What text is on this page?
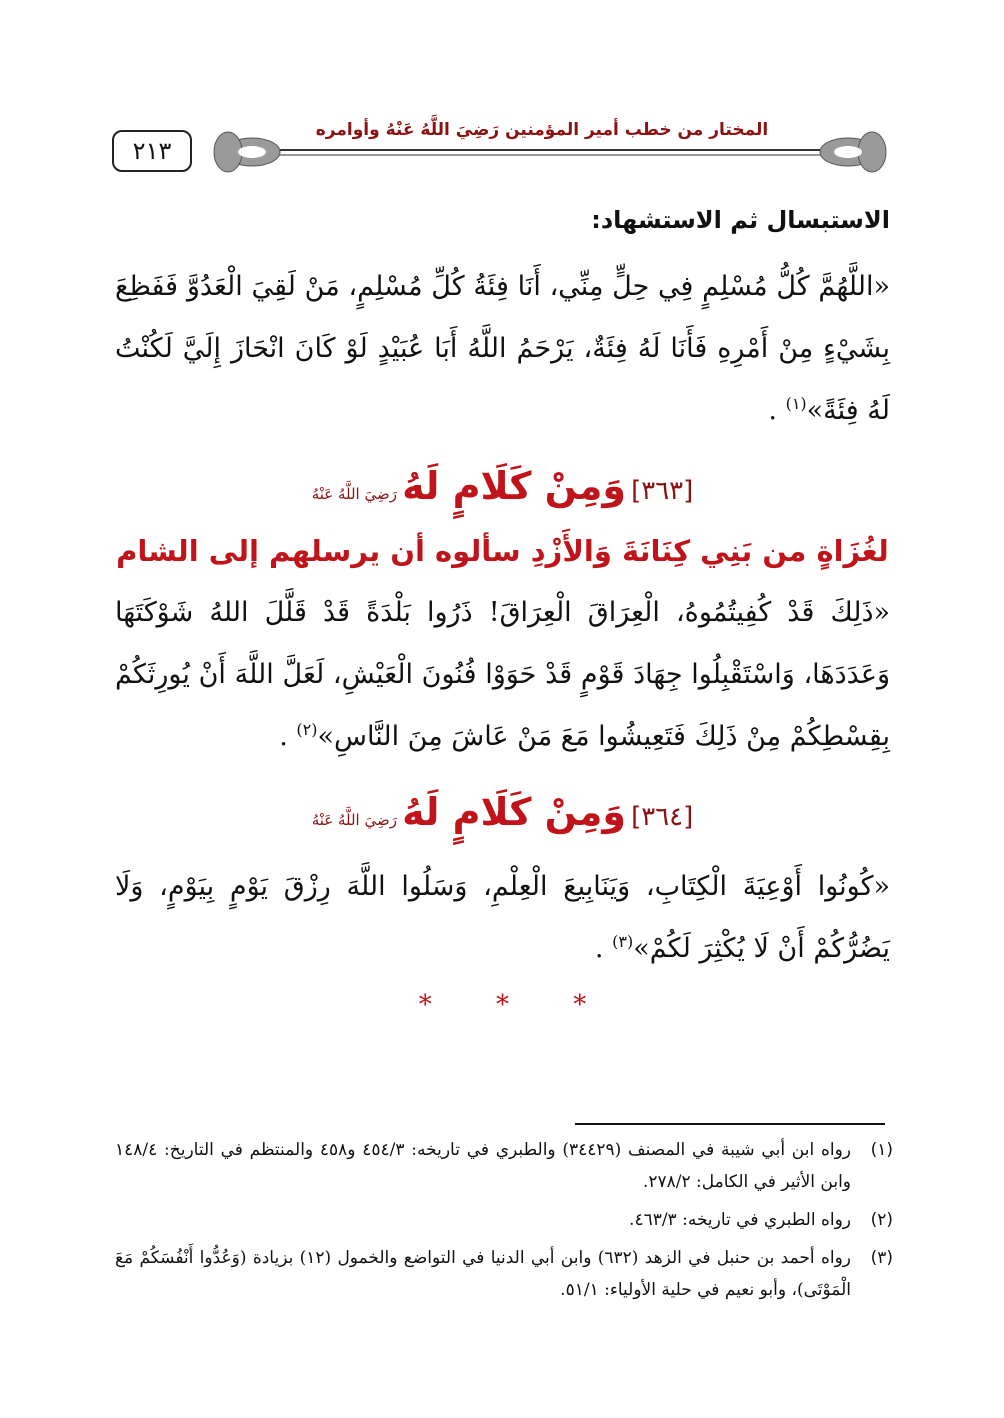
٢١٣
المختار من خطب أمير المؤمنين رَضِيَ اللَّهُ عَنْهُ وأوامره
الاستبسال ثم الاستشهاد:

«اللَّهُمَّ كُلُّ مُسْلِمٍ فِي حِلٍّ مِنِّي، أَنَا فِئَةُ كُلِّ مُسْلِمٍ، مَنْ لَقِيَ الْعَدُوَّ فَفَظِعَ بِشَيْءٍ مِنْ أَمْرِهِ فَأَنَا لَهُ فِئَةٌ، يَرْحَمُ اللَّهُ أَبَا عُبَيْدٍ لَوْ كَانَ انْحَازَ إِلَيَّ لَكُنْتُ لَهُ فِئَةً»$^{(١)}$ .

[٣٦٣] وَمِنْ كَلَامٍ لَهُ رَضِيَ اللَّهُ عَنْهُ
لغُزَاةٍ من بَنِي كِنَانَةَ وَالأَزْدِ سألوه أن يرسلهم إلى الشام

«ذَلِكَ قَدْ كُفِيتُمُوهُ، الْعِرَاقَ الْعِرَاقَ! ذَرُوا بَلْدَةً قَدْ قَلَّلَ اللهُ شَوْكَتَهَا وَعَدَدَهَا، وَاسْتَقْبِلُوا جِهَادَ قَوْمٍ قَدْ حَوَوْا فُنُونَ الْعَيْشِ، لَعَلَّ اللَّهَ أَنْ يُورِثَكُمْ بِقِسْطِكُمْ مِنْ ذَلِكَ فَتَعِيشُوا مَعَ مَنْ عَاشَ مِنَ النَّاسِ»$^{(٢)}$ .

[٣٦٤] وَمِنْ كَلَامٍ لَهُ رَضِيَ اللَّهُ عَنْهُ

«كُونُوا أَوْعِيَةَ الْكِتَابِ، وَيَنَابِيعَ الْعِلْمِ، وَسَلُوا اللَّهَ رِزْقَ يَوْمٍ بِيَوْمٍ، وَلَا يَضُرُّكُمْ أَنْ لَا يُكْثِرَ لَكُمْ»$^{(٣)}$ .

* * *
(١)
رواه ابن أبي شيبة في المصنف (٣٤٤٢٩) والطبري في تاريخه: ٤٥٤/٣ و٤٥٨ والمنتظم في التاريخ: ١٤٨/٤ وابن الأثير في الكامل: ٢٧٨/٢.
(٢)
رواه الطبري في تاريخه: ٤٦٣/٣.
(٣)
رواه أحمد بن حنبل في الزهد (٦٣٢) وابن أبي الدنيا في التواضع والخمول (١٢) بزيادة (وَعُدُّوا أَنْفُسَكُمْ مَعَ الْمَوْتَى)، وأبو نعيم في حلية الأولياء: ٥١/١.
